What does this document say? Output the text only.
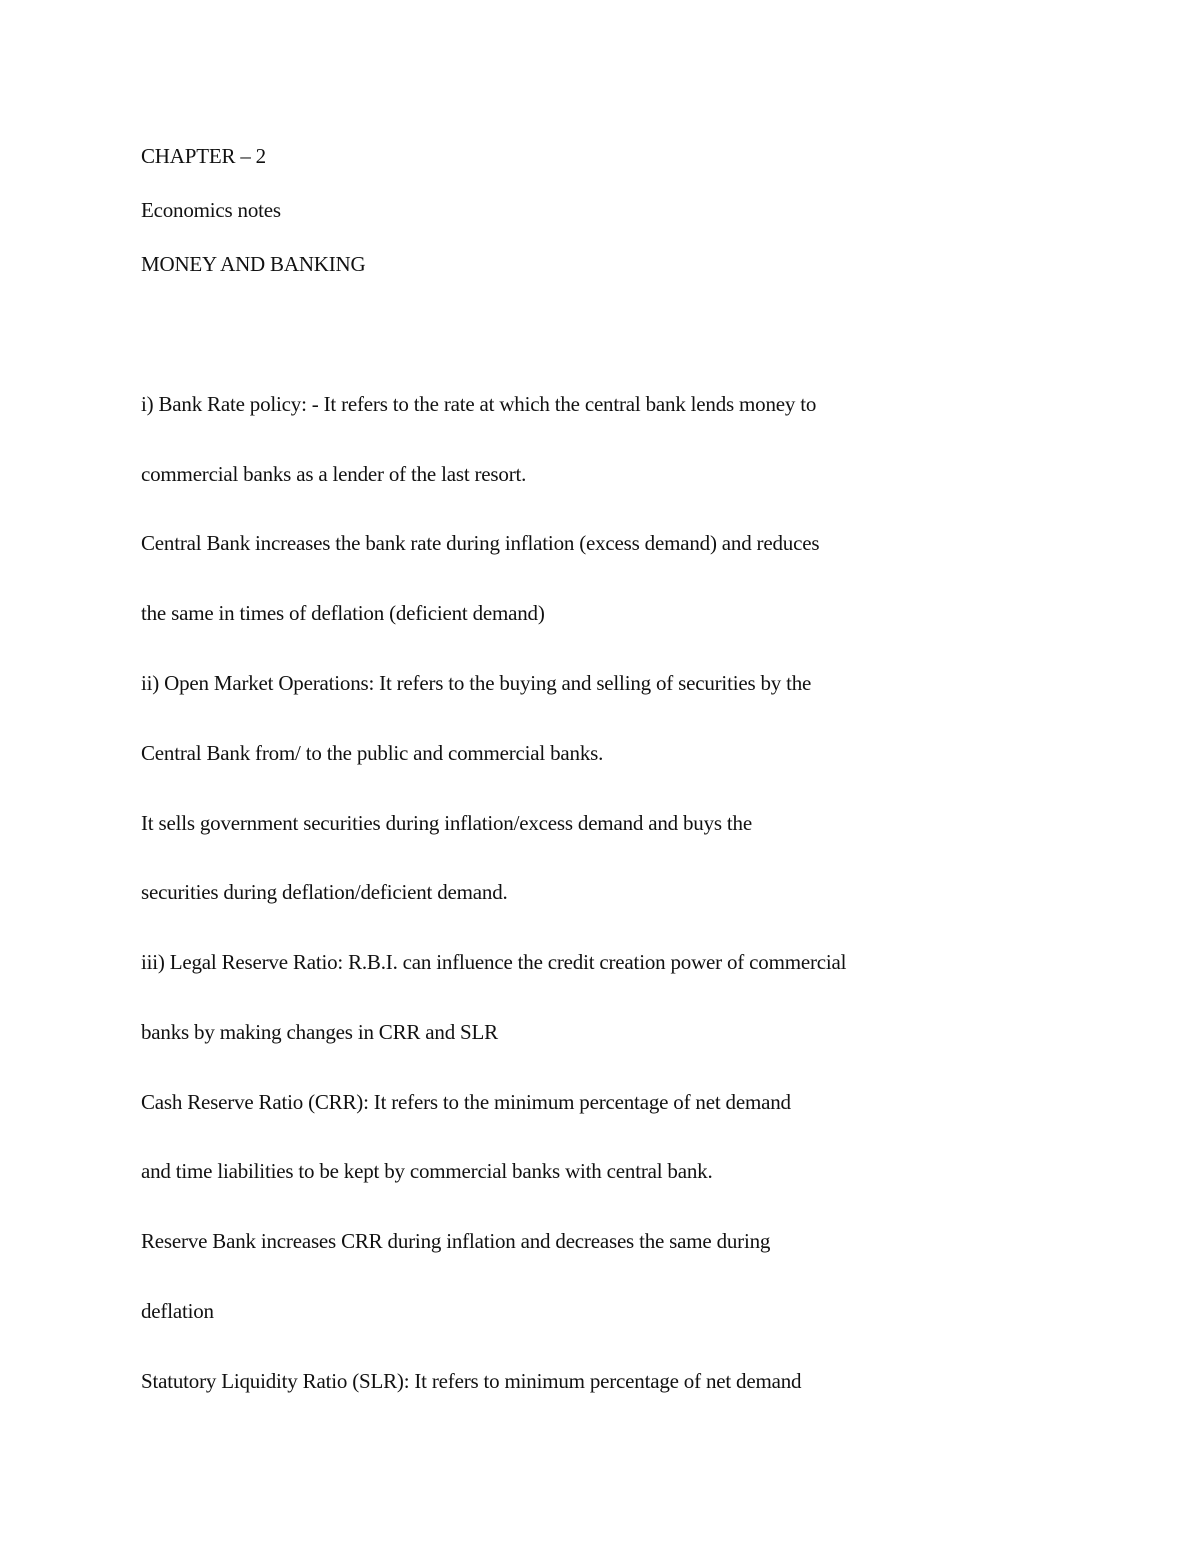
CHAPTER – 2
Economics notes
MONEY AND BANKING
i) Bank Rate policy: - It refers to the rate at which the central bank lends money to
commercial banks as a lender of the last resort.
Central Bank increases the bank rate during inflation (excess demand) and reduces
the same in times of deflation (deficient demand)
ii) Open Market Operations: It refers to the buying and selling of securities by the
Central Bank from/ to the public and commercial banks.
It sells government securities during inflation/excess demand and buys the
securities during deflation/deficient demand.
iii) Legal Reserve Ratio: R.B.I. can influence the credit creation power of commercial
banks by making changes in CRR and SLR
Cash Reserve Ratio (CRR): It refers to the minimum percentage of net demand
and time liabilities to be kept by commercial banks with central bank.
Reserve Bank increases CRR during inflation and decreases the same during
deflation
Statutory Liquidity Ratio (SLR): It refers to minimum percentage of net demand
